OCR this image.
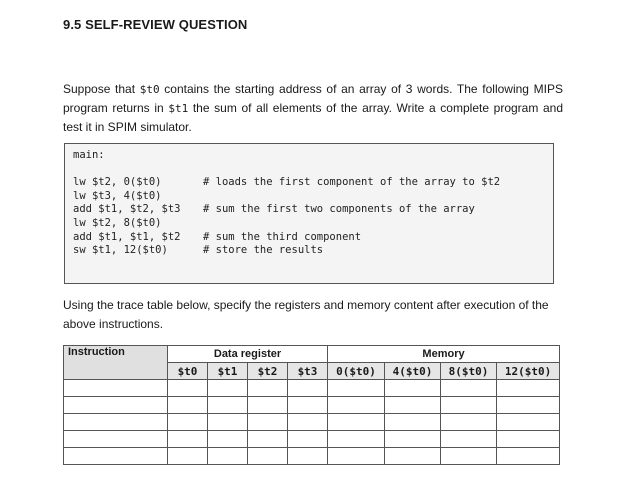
9.5 SELF-REVIEW QUESTION
Suppose that $t0 contains the starting address of an array of 3 words. The following MIPS program returns in $t1 the sum of all elements of the array. Write a complete program and test it in SPIM simulator.
main:
lw $t2, 0($t0)	# loads the first component of the array to $t2
lw $t3, 4($t0)
add $t1, $t2, $t3 # sum the first two components of the array
lw $t2, 8($t0)
add $t1, $t1, $t2 # sum the third component
sw $t1, 12($t0)	# store the results
Using the trace table below, specify the registers and memory content after execution of the above instructions.
Instruction	Data register				Memory			
	$t0	$t1	$t2	$t3	0($t0)	4($t0)	8($t0)	12($t0)
